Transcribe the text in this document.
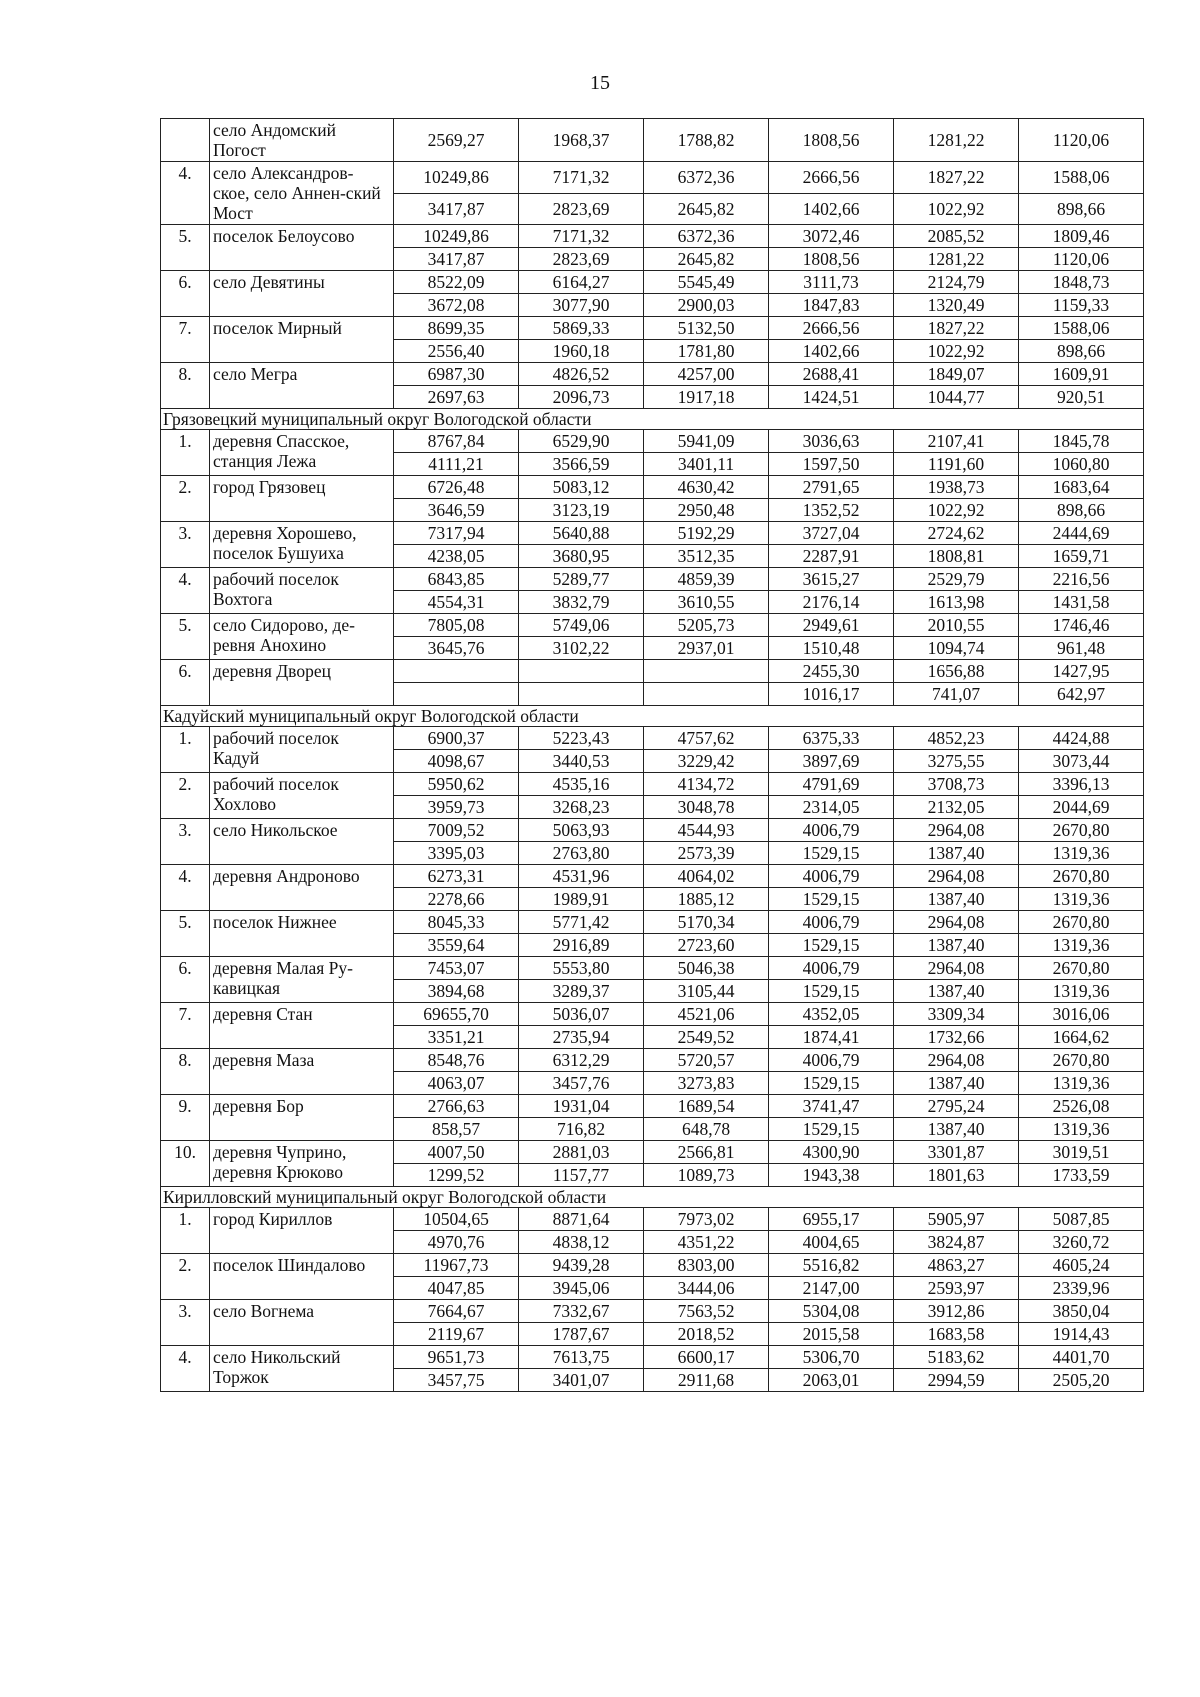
15
	село Андомский Погост	2569,27	1968,37	1788,82	1808,56	1281,22	1120,06
4.	село Александров-ское, село Аннен-ский Мост	10249,86	7171,32	6372,36	2666,56	1827,22	1588,06
		3417,87	2823,69	2645,82	1402,66	1022,92	898,66
5.	поселок Белоусово	10249,86	7171,32	6372,36	3072,46	2085,52	1809,46
		3417,87	2823,69	2645,82	1808,56	1281,22	1120,06
6.	село Девятины	8522,09	6164,27	5545,49	3111,73	2124,79	1848,73
		3672,08	3077,90	2900,03	1847,83	1320,49	1159,33
7.	поселок Мирный	8699,35	5869,33	5132,50	2666,56	1827,22	1588,06
		2556,40	1960,18	1781,80	1402,66	1022,92	898,66
8.	село Мегра	6987,30	4826,52	4257,00	2688,41	1849,07	1609,91
		2697,63	2096,73	1917,18	1424,51	1044,77	920,51
Грязовецкий муниципальный округ Вологодской области							
1.	деревня Спасское, станция Лежа	8767,84	6529,90	5941,09	3036,63	2107,41	1845,78
		4111,21	3566,59	3401,11	1597,50	1191,60	1060,80
2.	город Грязовец	6726,48	5083,12	4630,42	2791,65	1938,73	1683,64
		3646,59	3123,19	2950,48	1352,52	1022,92	898,66
3.	деревня Хорошево, поселок Бушуиха	7317,94	5640,88	5192,29	3727,04	2724,62	2444,69
		4238,05	3680,95	3512,35	2287,91	1808,81	1659,71
4.	рабочий поселок Вохтога	6843,85	5289,77	4859,39	3615,27	2529,79	2216,56
		4554,31	3832,79	3610,55	2176,14	1613,98	1431,58
5.	село Сидорово, де-ревня Анохино	7805,08	5749,06	5205,73	2949,61	2010,55	1746,46
		3645,76	3102,22	2937,01	1510,48	1094,74	961,48
6.	деревня Дворец				2455,30	1656,88	1427,95
					1016,17	741,07	642,97
Кадуйский муниципальный округ Вологодской области							
1.	рабочий поселок Кадуй	6900,37	5223,43	4757,62	6375,33	4852,23	4424,88
		4098,67	3440,53	3229,42	3897,69	3275,55	3073,44
2.	рабочий поселок Хохлово	5950,62	4535,16	4134,72	4791,69	3708,73	3396,13
		3959,73	3268,23	3048,78	2314,05	2132,05	2044,69
3.	село Никольское	7009,52	5063,93	4544,93	4006,79	2964,08	2670,80
		3395,03	2763,80	2573,39	1529,15	1387,40	1319,36
4.	деревня Андроново	6273,31	4531,96	4064,02	4006,79	2964,08	2670,80
		2278,66	1989,91	1885,12	1529,15	1387,40	1319,36
5.	поселок Нижнее	8045,33	5771,42	5170,34	4006,79	2964,08	2670,80
		3559,64	2916,89	2723,60	1529,15	1387,40	1319,36
6.	деревня Малая Ру-кавицкая	7453,07	5553,80	5046,38	4006,79	2964,08	2670,80
		3894,68	3289,37	3105,44	1529,15	1387,40	1319,36
7.	деревня Стан	69655,70	5036,07	4521,06	4352,05	3309,34	3016,06
		3351,21	2735,94	2549,52	1874,41	1732,66	1664,62
8.	деревня Маза	8548,76	6312,29	5720,57	4006,79	2964,08	2670,80
		4063,07	3457,76	3273,83	1529,15	1387,40	1319,36
9.	деревня Бор	2766,63	1931,04	1689,54	3741,47	2795,24	2526,08
		858,57	716,82	648,78	1529,15	1387,40	1319,36
10.	деревня Чуприно, деревня Крюково	4007,50	2881,03	2566,81	4300,90	3301,87	3019,51
		1299,52	1157,77	1089,73	1943,38	1801,63	1733,59
Кирилловский муниципальный округ Вологодской области							
1.	город Кириллов	10504,65	8871,64	7973,02	6955,17	5905,97	5087,85
		4970,76	4838,12	4351,22	4004,65	3824,87	3260,72
2.	поселок Шиндалово	11967,73	9439,28	8303,00	5516,82	4863,27	4605,24
		4047,85	3945,06	3444,06	2147,00	2593,97	2339,96
3.	село Вогнема	7664,67	7332,67	7563,52	5304,08	3912,86	3850,04
		2119,67	1787,67	2018,52	2015,58	1683,58	1914,43
4.	село Никольский Торжок	9651,73	7613,75	6600,17	5306,70	5183,62	4401,70
		3457,75	3401,07	2911,68	2063,01	2994,59	2505,20
